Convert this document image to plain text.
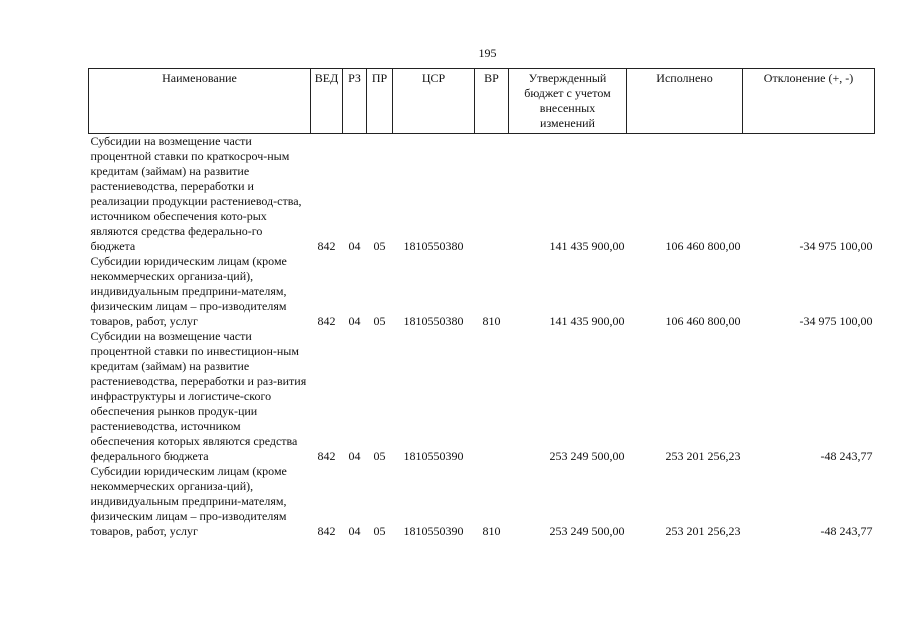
195
Наименование	ВЕД	РЗ	ПР	ЦСР	ВР	Утвержденный бюджет с учетом внесенных изменений	Исполнено	Отклонение (+, -)
Субсидии на возмещение части процентной ставки по краткосроч-ным кредитам (займам) на развитие растениеводства, переработки и реализации продукции растениевод-ства, источником обеспечения кото-рых являются средства федерально-го бюджета	842	04	05	1810550380		141 435 900,00	106 460 800,00	-34 975 100,00
Субсидии юридическим лицам (кроме некоммерческих организа-ций), индивидуальным предприни-мателям, физическим лицам – про-изводителям товаров, работ, услуг	842	04	05	1810550380	810	141 435 900,00	106 460 800,00	-34 975 100,00
Субсидии на возмещение части процентной ставки по инвестицион-ным кредитам (займам) на развитие растениеводства, переработки и раз-вития инфраструктуры и логистиче-ского обеспечения рынков продук-ции растениеводства, источником обеспечения которых являются средства федерального бюджета	842	04	05	1810550390		253 249 500,00	253 201 256,23	-48 243,77
Субсидии юридическим лицам (кроме некоммерческих организа-ций), индивидуальным предприни-мателям, физическим лицам – про-изводителям товаров, работ, услуг	842	04	05	1810550390	810	253 249 500,00	253 201 256,23	-48 243,77
